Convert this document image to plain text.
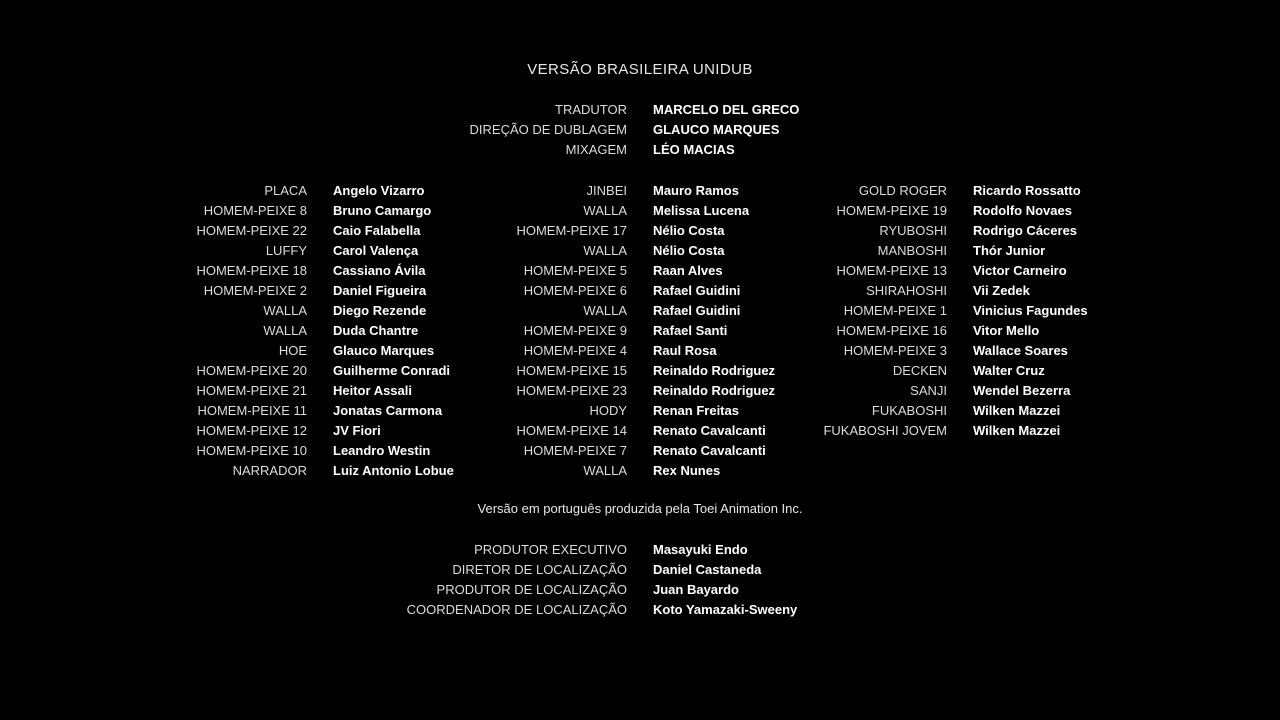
VERSÃO BRASILEIRA UNIDUB
TRADUTOR MARCELO DEL GRECO
DIREÇÃO DE DUBLAGEM GLAUCO MARQUES
MIXAGEM LÉO MACIAS
PLACA Angelo Vizarro
HOMEM-PEIXE 8 Bruno Camargo
HOMEM-PEIXE 22 Caio Falabella
LUFFY Carol Valença
HOMEM-PEIXE 18 Cassiano Ávila
HOMEM-PEIXE 2 Daniel Figueira
WALLA Diego Rezende
WALLA Duda Chantre
HOE Glauco Marques
HOMEM-PEIXE 20 Guilherme Conradi
HOMEM-PEIXE 21 Heitor Assali
HOMEM-PEIXE 11 Jonatas Carmona
HOMEM-PEIXE 12 JV Fiori
HOMEM-PEIXE 10 Leandro Westin
NARRADOR Luiz Antonio Lobue
JINBEI Mauro Ramos
WALLA Melissa Lucena
HOMEM-PEIXE 17 Nélio Costa
WALLA Nélio Costa
HOMEM-PEIXE 5 Raan Alves
HOMEM-PEIXE 6 Rafael Guidini
WALLA Rafael Guidini
HOMEM-PEIXE 9 Rafael Santi
HOMEM-PEIXE 4 Raul Rosa
HOMEM-PEIXE 15 Reinaldo Rodriguez
HOMEM-PEIXE 23 Reinaldo Rodriguez
HODY Renan Freitas
HOMEM-PEIXE 14 Renato Cavalcanti
HOMEM-PEIXE 7 Renato Cavalcanti
WALLA Rex Nunes
GOLD ROGER Ricardo Rossatto
HOMEM-PEIXE 19 Rodolfo Novaes
RYUBOSHI Rodrigo Cáceres
MANBOSHI Thór Junior
HOMEM-PEIXE 13 Victor Carneiro
SHIRAHOSHI Vii Zedek
HOMEM-PEIXE 1 Vinicius Fagundes
HOMEM-PEIXE 16 Vitor Mello
HOMEM-PEIXE 3 Wallace Soares
DECKEN Walter Cruz
SANJI Wendel Bezerra
FUKABOSHI Wilken Mazzei
FUKABOSHI JOVEM Wilken Mazzei
Versão em português produzida pela Toei Animation Inc.
PRODUTOR EXECUTIVO Masayuki Endo
DIRETOR DE LOCALIZAÇÃO Daniel Castaneda
PRODUTOR DE LOCALIZAÇÃO Juan Bayardo
COORDENADOR DE LOCALIZAÇÃO Koto Yamazaki-Sweeny
